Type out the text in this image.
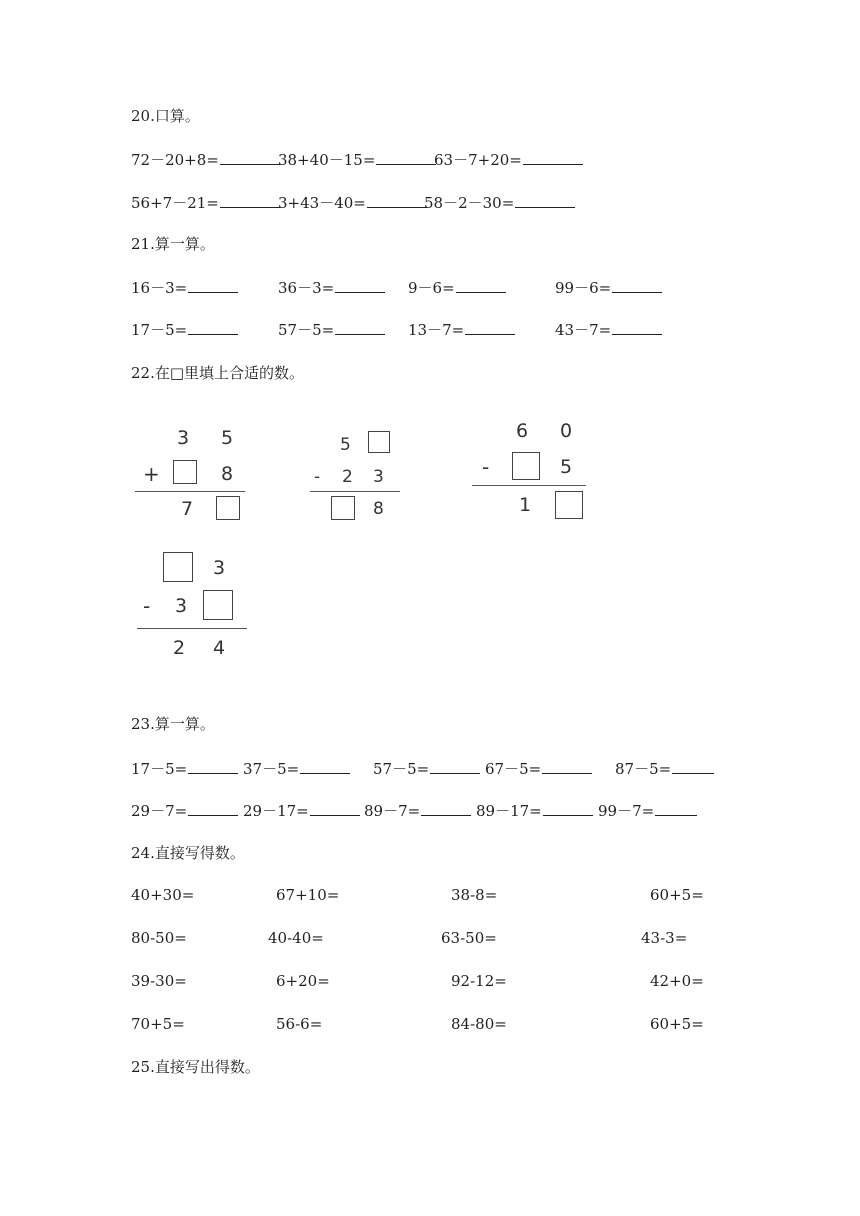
20.口算。
72－20+8=	38+40－15=	63－7+20=
56+7－21=	3+43－40=	58－2－30=
21.算一算。
16－3=	36－3=	9－6=	99－6=
17－5=	57－5=	13－7=	43－7=
22.在□里填上合适的数。
3 5
+	8
7
5
- 2 3
8
6 0
-	5
1
3
- 3
2 4
23.算一算。
17－5=	37－5=	57－5=	67－5=	87－5=
29－7=	29－17=	89－7=	89－17=	99－7=
24.直接写得数。
40+30=	67+10=	38-8=	60+5=
80-50=	40-40=	63-50=	43-3=
39-30=	6+20=	92-12=	42+0=
70+5=	56-6=	84-80=	60+5=
25.直接写出得数。
